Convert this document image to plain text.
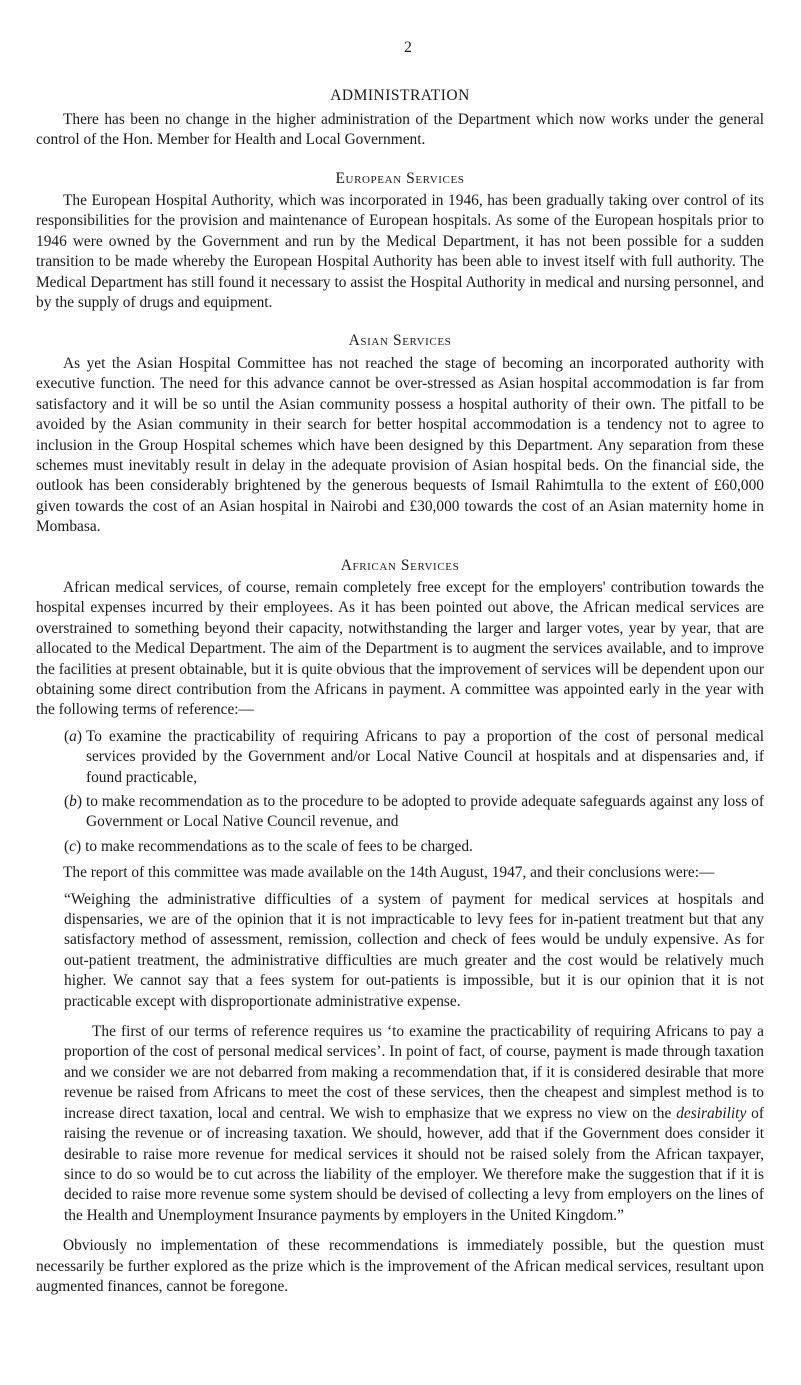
2
ADMINISTRATION

There has been no change in the higher administration of the Department which now works under the general control of the Hon. Member for Health and Local Government.

European Services

The European Hospital Authority, which was incorporated in 1946, has been gradually taking over control of its responsibilities for the provision and maintenance of European hospitals. As some of the European hospitals prior to 1946 were owned by the Government and run by the Medical Department, it has not been possible for a sudden transition to be made whereby the European Hospital Authority has been able to invest itself with full authority. The Medical Department has still found it necessary to assist the Hospital Authority in medical and nursing personnel, and by the supply of drugs and equipment.

Asian Services

As yet the Asian Hospital Committee has not reached the stage of becoming an incorporated authority with executive function. The need for this advance cannot be over-stressed as Asian hospital accommodation is far from satisfactory and it will be so until the Asian community possess a hospital authority of their own. The pitfall to be avoided by the Asian community in their search for better hospital accommodation is a tendency not to agree to inclusion in the Group Hospital schemes which have been designed by this Department. Any separation from these schemes must inevitably result in delay in the adequate provision of Asian hospital beds. On the financial side, the outlook has been considerably brightened by the generous bequests of Ismail Rahimtulla to the extent of £60,000 given towards the cost of an Asian hospital in Nairobi and £30,000 towards the cost of an Asian maternity home in Mombasa.

African Services

African medical services, of course, remain completely free except for the employers' contribution towards the hospital expenses incurred by their employees. As it has been pointed out above, the African medical services are overstrained to something beyond their capacity, notwithstanding the larger and larger votes, year by year, that are allocated to the Medical Department. The aim of the Department is to augment the services available, and to improve the facilities at present obtainable, but it is quite obvious that the improvement of services will be dependent upon our obtaining some direct contribution from the Africans in payment. A committee was appointed early in the year with the following terms of reference:—

(a) To examine the practicability of requiring Africans to pay a proportion of the cost of personal medical services provided by the Government and/or Local Native Council at hospitals and at dispensaries and, if found practicable,
(b) to make recommendation as to the procedure to be adopted to provide adequate safeguards against any loss of Government or Local Native Council revenue, and
(c) to make recommendations as to the scale of fees to be charged.

The report of this committee was made available on the 14th August, 1947, and their conclusions were:—

“Weighing the administrative difficulties of a system of payment for medical services at hospitals and dispensaries, we are of the opinion that it is not impracticable to levy fees for in-patient treatment but that any satisfactory method of assessment, remission, collection and check of fees would be unduly expensive. As for out-patient treatment, the administrative difficulties are much greater and the cost would be relatively much higher. We cannot say that a fees system for out-patients is impossible, but it is our opinion that it is not practicable except with disproportionate administrative expense.

The first of our terms of reference requires us ‘to examine the practicability of requiring Africans to pay a proportion of the cost of personal medical services’. In point of fact, of course, payment is made through taxation and we consider we are not debarred from making a recommendation that, if it is considered desirable that more revenue be raised from Africans to meet the cost of these services, then the cheapest and simplest method is to increase direct taxation, local and central. We wish to emphasize that we express no view on the desirability of raising the revenue or of increasing taxation. We should, however, add that if the Government does consider it desirable to raise more revenue for medical services it should not be raised solely from the African taxpayer, since to do so would be to cut across the liability of the employer. We therefore make the suggestion that if it is decided to raise more revenue some system should be devised of collecting a levy from employers on the lines of the Health and Unemployment Insurance payments by employers in the United Kingdom.”

Obviously no implementation of these recommendations is immediately possible, but the question must necessarily be further explored as the prize which is the improvement of the African medical services, resultant upon augmented finances, cannot be foregone.
